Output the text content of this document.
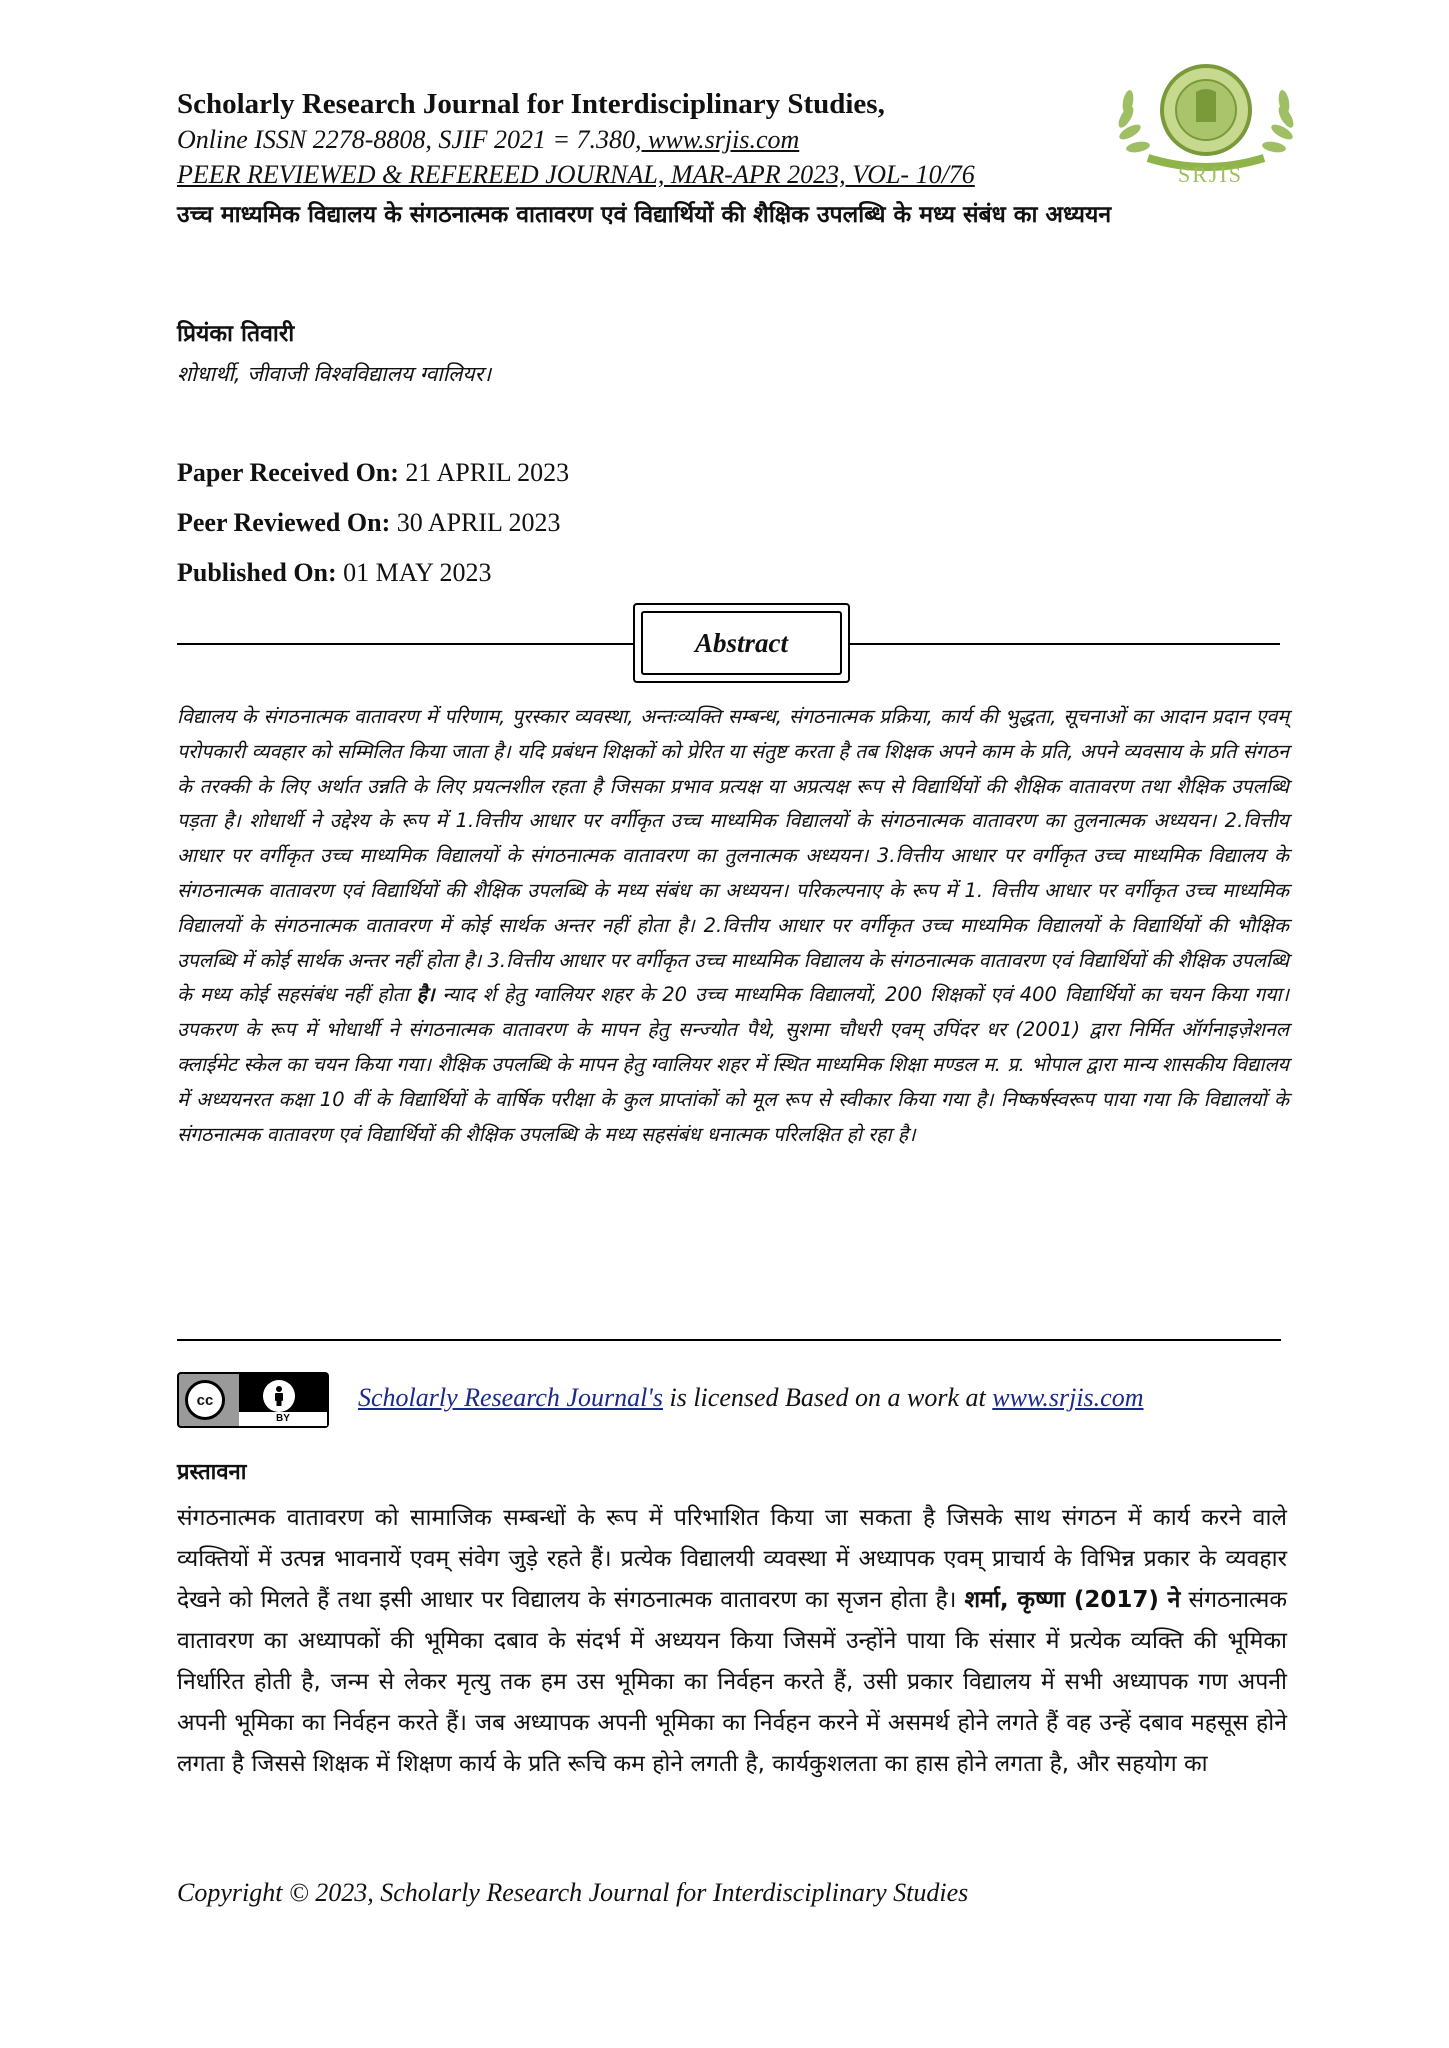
Scholarly Research Journal for Interdisciplinary Studies,
Online ISSN 2278-8808, SJIF 2021 = 7.380, www.srjis.com
PEER REVIEWED & REFEREED JOURNAL, MAR-APR 2023, VOL- 10/76	SRJIS
उच्च माध्यमिक विद्यालय के संगठनात्मक वातावरण एवं विद्यार्थियों की शैक्षिक उपलब्धि के मध्य संबंध का अध्ययन
प्रियंका तिवारी
शोधार्थी, जीवाजी विश्वविद्यालय ग्वालियर।
Paper Received On: 21 APRIL 2023
Peer Reviewed On: 30 APRIL 2023
Published On: 01 MAY 2023
Abstract
विद्यालय के संगठनात्मक वातावरण में परिणाम, पुरस्कार व्यवस्था, अन्तःव्यक्ति सम्बन्ध, संगठनात्मक प्रक्रिया, कार्य की भुद्धता, सूचनाओं का आदान प्रदान एवम् परोपकारी व्यवहार को सम्मिलित किया जाता है। यदि प्रबंधन शिक्षकों को प्रेरित या संतुष्ट करता है तब शिक्षक अपने काम के प्रति, अपने व्यवसाय के प्रति संगठन के तरक्की के लिए अर्थात उन्नति के लिए प्रयत्नशील रहता है जिसका प्रभाव प्रत्यक्ष या अप्रत्यक्ष रूप से विद्यार्थियों की शैक्षिक वातावरण तथा शैक्षिक उपलब्धि पड़ता है। शोधार्थी ने उद्देश्य के रूप में 1.वित्तीय आधार पर वर्गीकृत उच्च माध्यमिक विद्यालयों के संगठनात्मक वातावरण का तुलनात्मक अध्ययन। 2.वित्तीय आधार पर वर्गीकृत उच्च माध्यमिक विद्यालयों के संगठनात्मक वातावरण का तुलनात्मक अध्ययन। 3.वित्तीय आधार पर वर्गीकृत उच्च माध्यमिक विद्यालय के संगठनात्मक वातावरण एवं विद्यार्थियों की शैक्षिक उपलब्धि के मध्य संबंध का अध्ययन। परिकल्पनाए के रूप में 1. वित्तीय आधार पर वर्गीकृत उच्च माध्यमिक विद्यालयों के संगठनात्मक वातावरण में कोई सार्थक अन्तर नहीं होता है। 2.वित्तीय आधार पर वर्गीकृत उच्च माध्यमिक विद्यालयों के विद्यार्थियों की भौक्षिक उपलब्धि में कोई सार्थक अन्तर नहीं होता है। 3.वित्तीय आधार पर वर्गीकृत उच्च माध्यमिक विद्यालय के संगठनात्मक वातावरण एवं विद्यार्थियों की शैक्षिक उपलब्धि के मध्य कोई सहसंबंध नहीं होता है। न्याद र्श हेतु ग्वालियर शहर के 20 उच्च माध्यमिक विद्यालयों, 200 शिक्षकों एवं 400 विद्यार्थियों का चयन किया गया। उपकरण के रूप में भोधार्थी ने संगठनात्मक वातावरण के मापन हेतु सन्ज्योत पैथे, सुशमा चौधरी एवम् उपिंदर धर (2001) द्वारा निर्मित ऑर्गनाइज़ेशनल क्लाईमेट स्केल का चयन किया गया। शैक्षिक उपलब्धि के मापन हेतु ग्वालियर शहर में स्थित माध्यमिक शिक्षा मण्डल म. प्र. भोपाल द्वारा मान्य शासकीय विद्यालय में अध्ययनरत कक्षा 10 वीं के विद्यार्थियों के वार्षिक परीक्षा के कुल प्राप्तांकों को मूल रूप से स्वीकार किया गया है। निष्कर्षस्वरूप पाया गया कि विद्यालयों के संगठनात्मक वातावरण एवं विद्यार्थियों की शैक्षिक उपलब्धि के मध्य सहसंबंध धनात्मक परिलक्षित हो रहा है।
cc
BY
Scholarly Research Journal's is licensed Based on a work at www.srjis.com
प्रस्तावना
संगठनात्मक वातावरण को सामाजिक सम्बन्धों के रूप में परिभाशित किया जा सकता है जिसके साथ संगठन में कार्य करने वाले व्यक्तियों में उत्पन्न भावनायें एवम् संवेग जुड़े रहते हैं। प्रत्येक विद्यालयी व्यवस्था में अध्यापक एवम् प्राचार्य के विभिन्न प्रकार के व्यवहार देखने को मिलते हैं तथा इसी आधार पर विद्यालय के संगठनात्मक वातावरण का सृजन होता है। शर्मा, कृष्णा (2017) ने संगठनात्मक वातावरण का अध्यापकों की भूमिका दबाव के संदर्भ में अध्ययन किया जिसमें उन्होंने पाया कि संसार में प्रत्येक व्यक्ति की भूमिका निर्धारित होती है, जन्म से लेकर मृत्यु तक हम उस भूमिका का निर्वहन करते हैं, उसी प्रकार विद्यालय में सभी अध्यापक गण अपनी अपनी भूमिका का निर्वहन करते हैं। जब अध्यापक अपनी भूमिका का निर्वहन करने में असमर्थ होने लगते हैं वह उन्हें दबाव महसूस होने लगता है जिससे शिक्षक में शिक्षण कार्य के प्रति रूचि कम होने लगती है, कार्यकुशलता का हास होने लगता है, और सहयोग का
Copyright © 2023, Scholarly Research Journal for Interdisciplinary Studies
